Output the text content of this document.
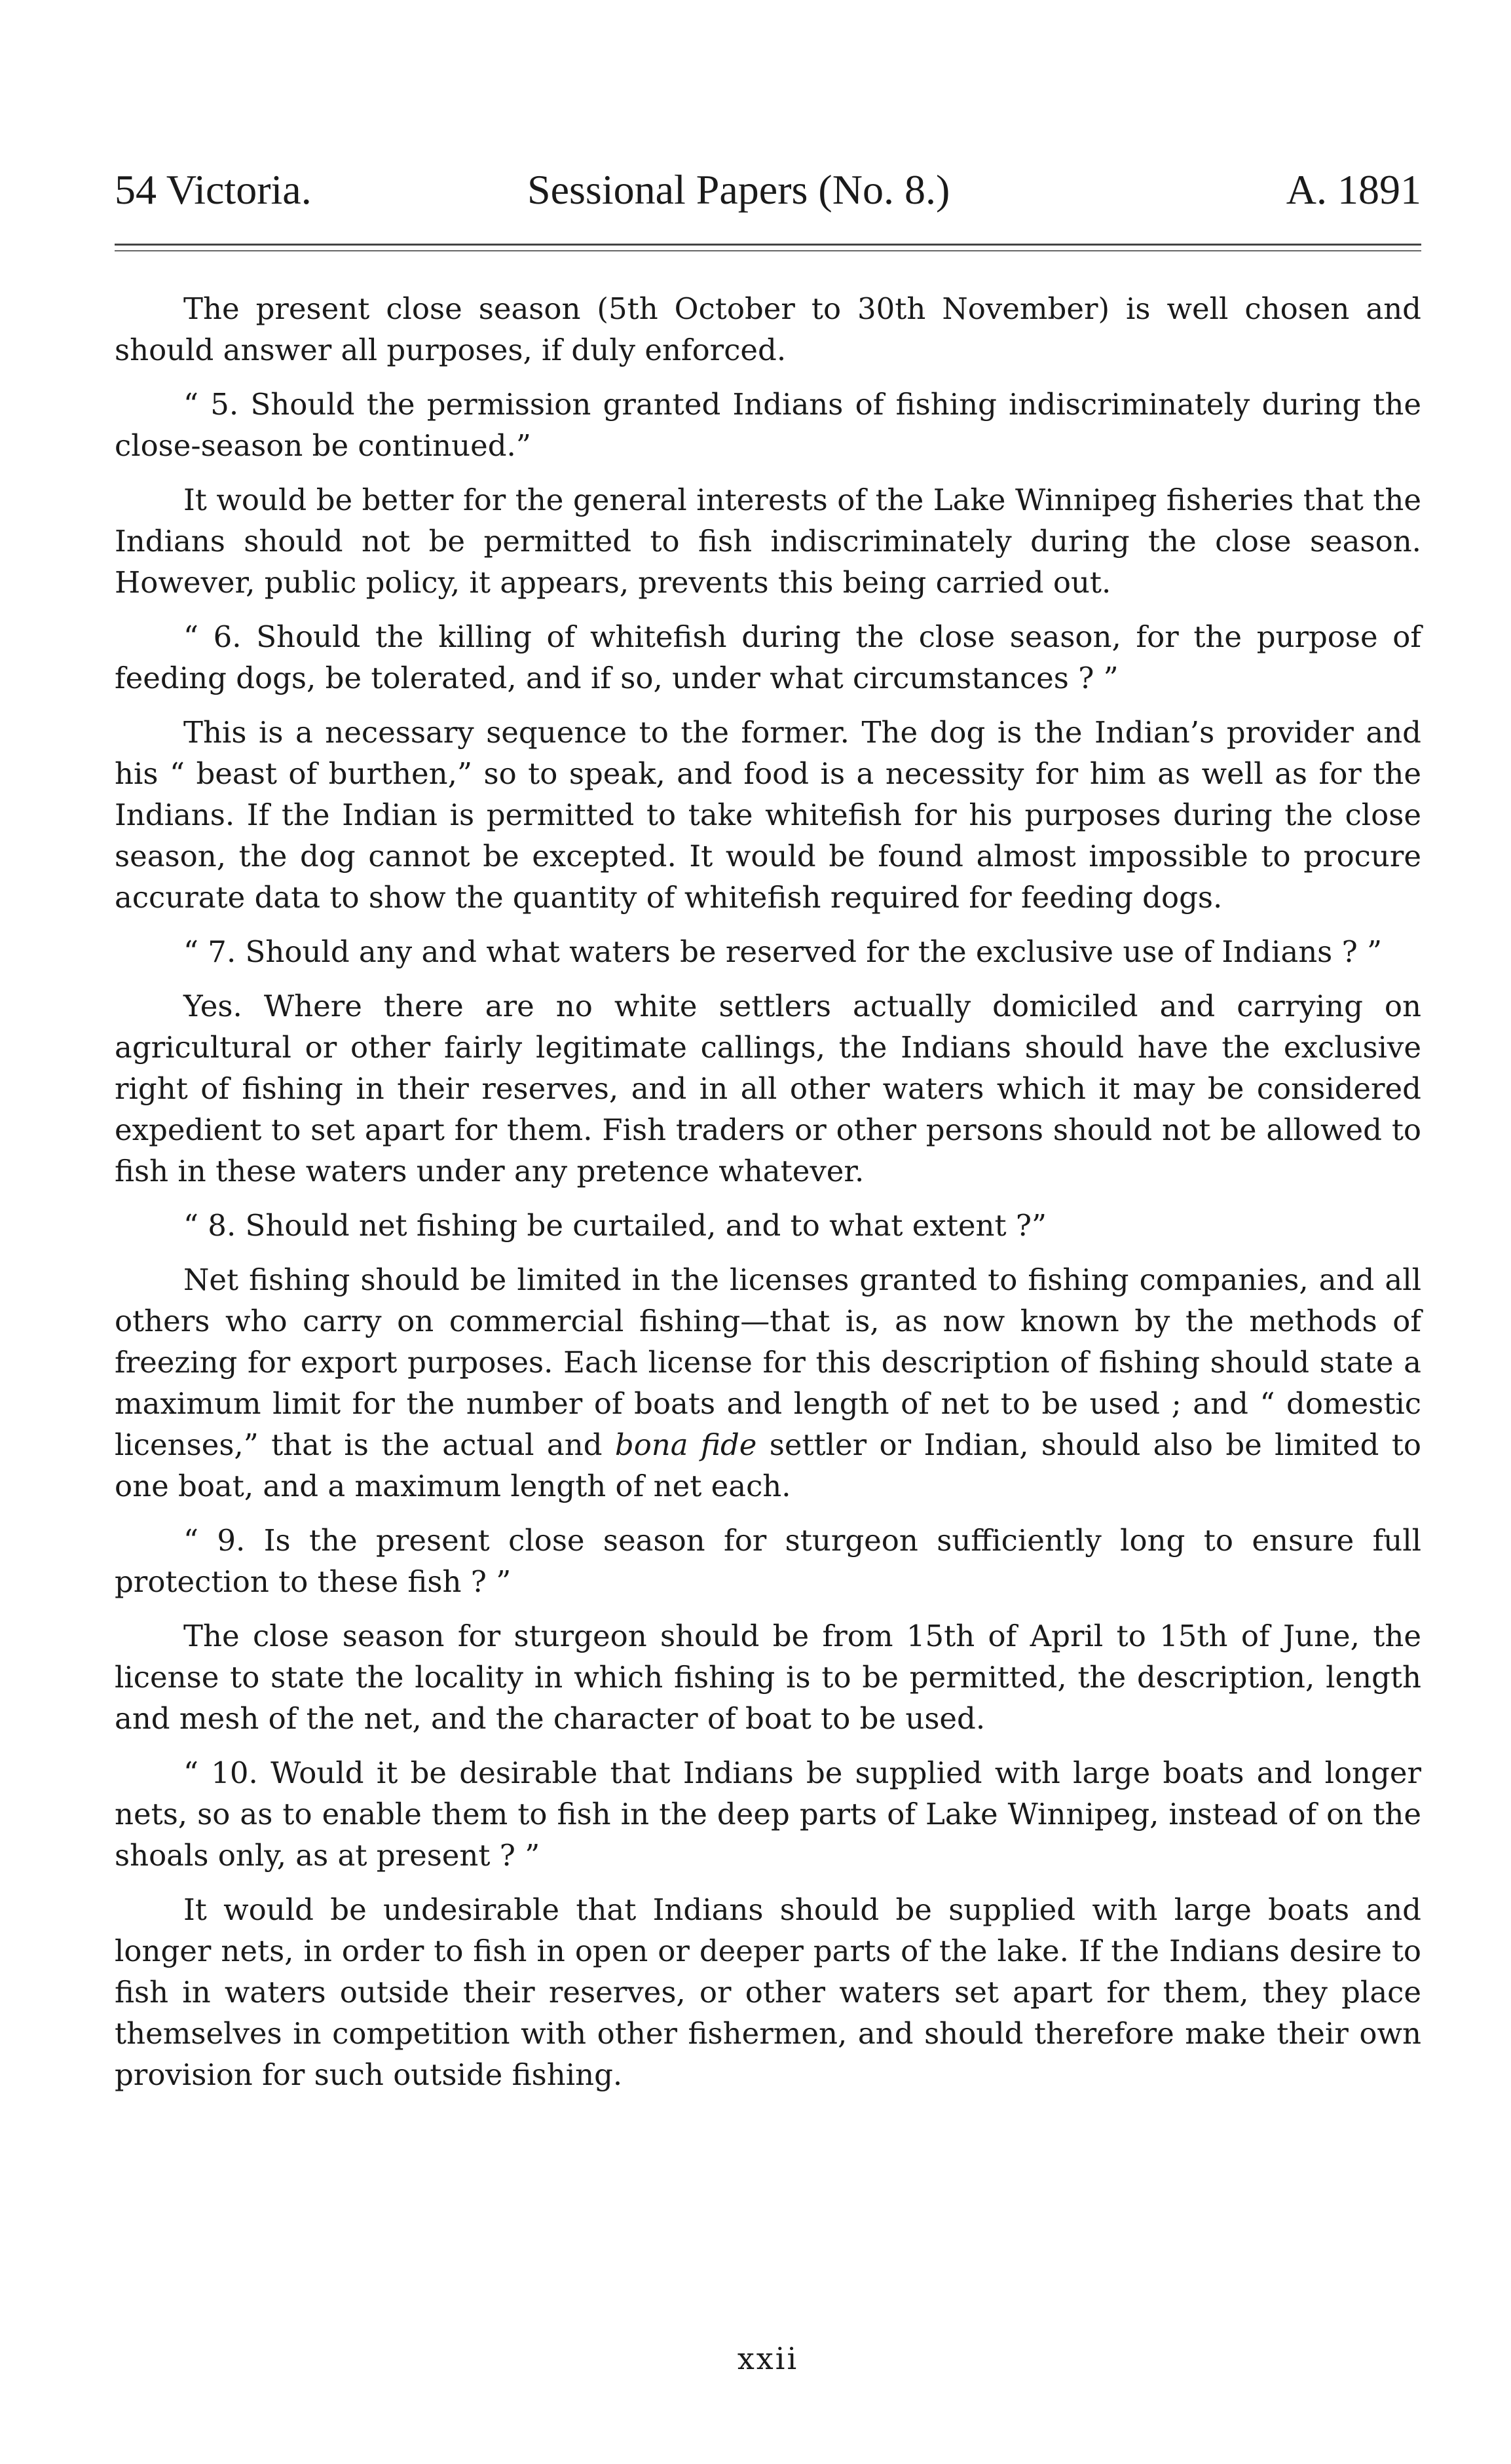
54 Victoria.	Sessional Papers (No. 8.)	A. 1891

The present close season (5th October to 30th November) is well chosen and should answer all purposes, if duly enforced.

“ 5. Should the permission granted Indians of fishing indiscriminately during the close-season be continued.”

It would be better for the general interests of the Lake Winnipeg fisheries that the Indians should not be permitted to fish indiscriminately during the close season. However, public policy, it appears, prevents this being carried out.

“ 6. Should the killing of whitefish during the close season, for the purpose of feeding dogs, be tolerated, and if so, under what circumstances ? ”

This is a necessary sequence to the former. The dog is the Indian’s provider and his “ beast of burthen,” so to speak, and food is a necessity for him as well as for the Indians. If the Indian is permitted to take whitefish for his purposes during the close season, the dog cannot be excepted. It would be found almost impossible to procure accurate data to show the quantity of whitefish required for feeding dogs.

“ 7. Should any and what waters be reserved for the exclusive use of Indians ? ”

Yes. Where there are no white settlers actually domiciled and carrying on agricultural or other fairly legitimate callings, the Indians should have the exclusive right of fishing in their reserves, and in all other waters which it may be considered expedient to set apart for them. Fish traders or other persons should not be allowed to fish in these waters under any pretence whatever.

“ 8. Should net fishing be curtailed, and to what extent ?”

Net fishing should be limited in the licenses granted to fishing companies, and all others who carry on commercial fishing—that is, as now known by the methods of freezing for export purposes. Each license for this description of fishing should state a maximum limit for the number of boats and length of net to be used ; and “ domestic licenses,” that is the actual and bona fide settler or Indian, should also be limited to one boat, and a maximum length of net each.

“ 9. Is the present close season for sturgeon sufficiently long to ensure full protection to these fish ? ”

The close season for sturgeon should be from 15th of April to 15th of June, the license to state the locality in which fishing is to be permitted, the description, length and mesh of the net, and the character of boat to be used.

“ 10. Would it be desirable that Indians be supplied with large boats and longer nets, so as to enable them to fish in the deep parts of Lake Winnipeg, instead of on the shoals only, as at present ? ”

It would be undesirable that Indians should be supplied with large boats and longer nets, in order to fish in open or deeper parts of the lake. If the Indians desire to fish in waters outside their reserves, or other waters set apart for them, they place themselves in competition with other fishermen, and should therefore make their own provision for such outside fishing.

xxii
